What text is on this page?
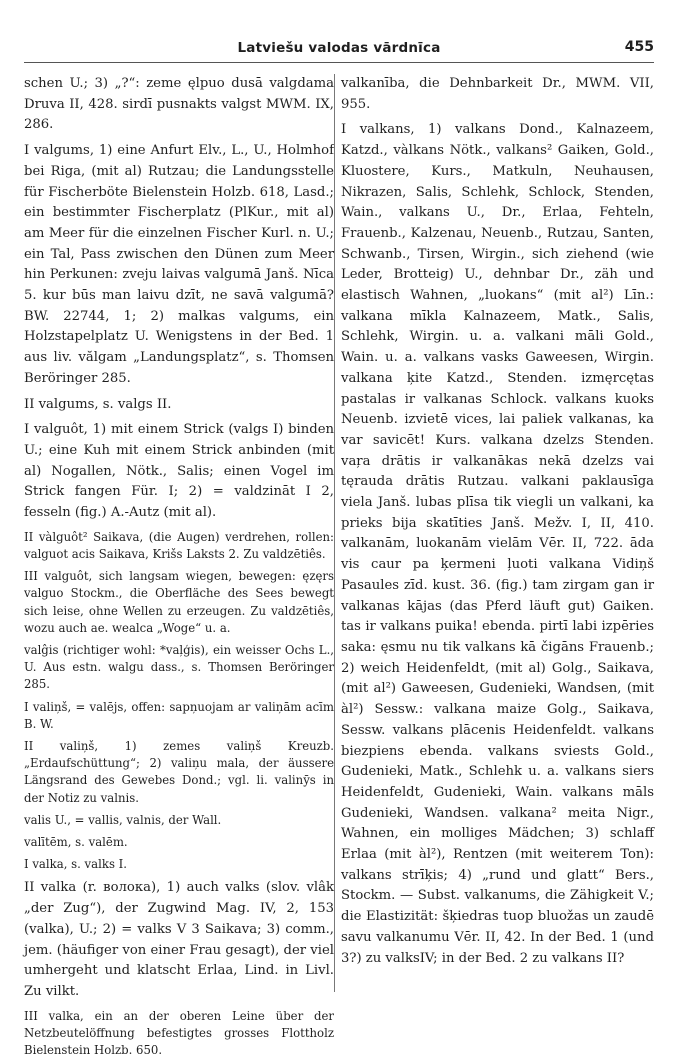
Latviešu valodas vārdnīca	455
schen U.; 3) „?“: zeme ęlpuo dusā valgdama Druva II, 428. sirdī pusnakts valgst MWM. IX, 286.
I valgums, 1) eine Anfurt Elv., L., U., Holmhof bei Riga, (mit al) Rutzau; die Landungsstelle für Fischerböte Bielenstein Holzb. 618, Lasd.; ein bestimmter Fischerplatz (PlKur., mit al) am Meer für die einzelnen Fischer Kurl. n. U.; ein Tal, Pass zwischen den Dünen zum Meer hin Perkunen: zveju laivas valgumā Janš. Nīca 5. kur būs man laivu dzīt, ne savā valgumā? BW. 22744, 1; 2) malkas valgums, ein Holzstapelplatz U. Wenigstens in der Bed. 1 aus liv. vălgam „Landungsplatz“, s. Thomsen Beröringer 285.
II valgums, s. valgs II.
I valguôt, 1) mit einem Strick (valgs I) binden U.; eine Kuh mit einem Strick anbinden (mit al) Nogallen, Nötk., Salis; einen Vogel im Strick fangen Für. I; 2) = valdzināt I 2, fesseln (fig.) A.-Autz (mit al).
II vàlguôt² Saikava, (die Augen) verdrehen, rollen: valguot acis Saikava, Krišs Laksts 2. Zu valdzētiês.
III valguôt, sich langsam wiegen, bewegen: ęzęrs valguo Stockm., die Oberfläche des Sees bewegt sich leise, ohne Wellen zu erzeugen. Zu valdzētiês, wozu auch ae. wealca „Woge“ u. a.
valĝis (richtiger wohl: *vaļģis), ein weisser Ochs L., U. Aus estn. walgu dass., s. Thomsen Beröringer 285.
I valiņš, = valējs, offen: sapņuojam ar valiņām acīm B. W.
II valiņš, 1) zemes valiņš Kreuzb. „Erdaufschüttung“; 2) valiņu mala, der äussere Längsrand des Gewebes Dond.; vgl. li. valinȳs in der Notiz zu valnis.
valis U., = vallis, valnis, der Wall.
valītēm, s. valēm.
I valka, s. valks I.
II valka (r. волока), 1) auch valks (slov. vlâk „der Zug“), der Zugwind Mag. IV, 2, 153 (valka), U.; 2) = valks V 3 Saikava; 3) comm., jem. (häufiger von einer Frau gesagt), der viel umhergeht und klatscht Erlaa, Lind. in Livl. Zu vilkt.
III valka, ein an der oberen Leine über der Netzbeutelöffnung befestigtes grosses Flottholz Bielenstein Holzb. 650.
valkanība, die Dehnbarkeit Dr., MWM. VII, 955.
I valkans, 1) valkans Dond., Kalnazeem, Katzd., vàlkans Nötk., valkans² Gaiken, Gold., Kluostere, Kurs., Matkuln, Neuhausen, Nikrazen, Salis, Schlehk, Schlock, Stenden, Wain., valkans U., Dr., Erlaa, Fehteln, Frauenb., Kalzenau, Neuenb., Rutzau, Santen, Schwanb., Tirsen, Wirgin., sich ziehend (wie Leder, Brotteig) U., dehnbar Dr., zäh und elastisch Wahnen, „luokans“ (mit al²) Līn.: valkana mīkla Kalnazeem, Matk., Salis, Schlehk, Wirgin. u. a. valkani māli Gold., Wain. u. a. valkans vasks Gaweesen, Wirgin. valkana ķite Katzd., Stenden. izmęrcętas pastalas ir valkanas Schlock. valkans kuoks Neuenb. izvietē vices, lai paliek valkanas, ka var savicēt! Kurs. valkana dzelzs Stenden. vaŗa drātis ir valkanākas nekā dzelzs vai tęrauda drātis Rutzau. valkani paklausīga viela Janš. lubas plīsa tik viegli un valkani, ka prieks bija skatīties Janš. Mežv. I, II, 410. valkanām, luokanām vielām Vēr. II, 722. āda vis caur pa ķermeni ļuoti valkana Vidiņš Pasaules zīd. kust. 36. (fig.) tam zirgam gan ir valkanas kājas (das Pferd läuft gut) Gaiken. tas ir valkans puika! ebenda. pirtī labi izpēries saka: ęsmu nu tik valkans kā čigāns Frauenb.; 2) weich Heidenfeldt, (mit al) Golg., Saikava, (mit al²) Gaweesen, Gudenieki, Wandsen, (mit àl²) Sessw.: valkana maize Golg., Saikava, Sessw. valkans plācenis Heidenfeldt. valkans biezpiens ebenda. valkans sviests Gold., Gudenieki, Matk., Schlehk u. a. valkans siers Heidenfeldt, Gudenieki, Wain. valkans māls Gudenieki, Wandsen. valkana² meita Nigr., Wahnen, ein molliges Mädchen; 3) schlaff Erlaa (mit àl²), Rentzen (mit weiterem Ton): valkans strīķis; 4) „rund und glatt“ Bers., Stockm. — Subst. valkanums, die Zähigkeit V.; die Elastizität: šķiedras tuop bluožas un zaudē savu valkanumu Vēr. II, 42. In der Bed. 1 (und 3?) zu valksIV; in der Bed. 2 zu valkans II?
